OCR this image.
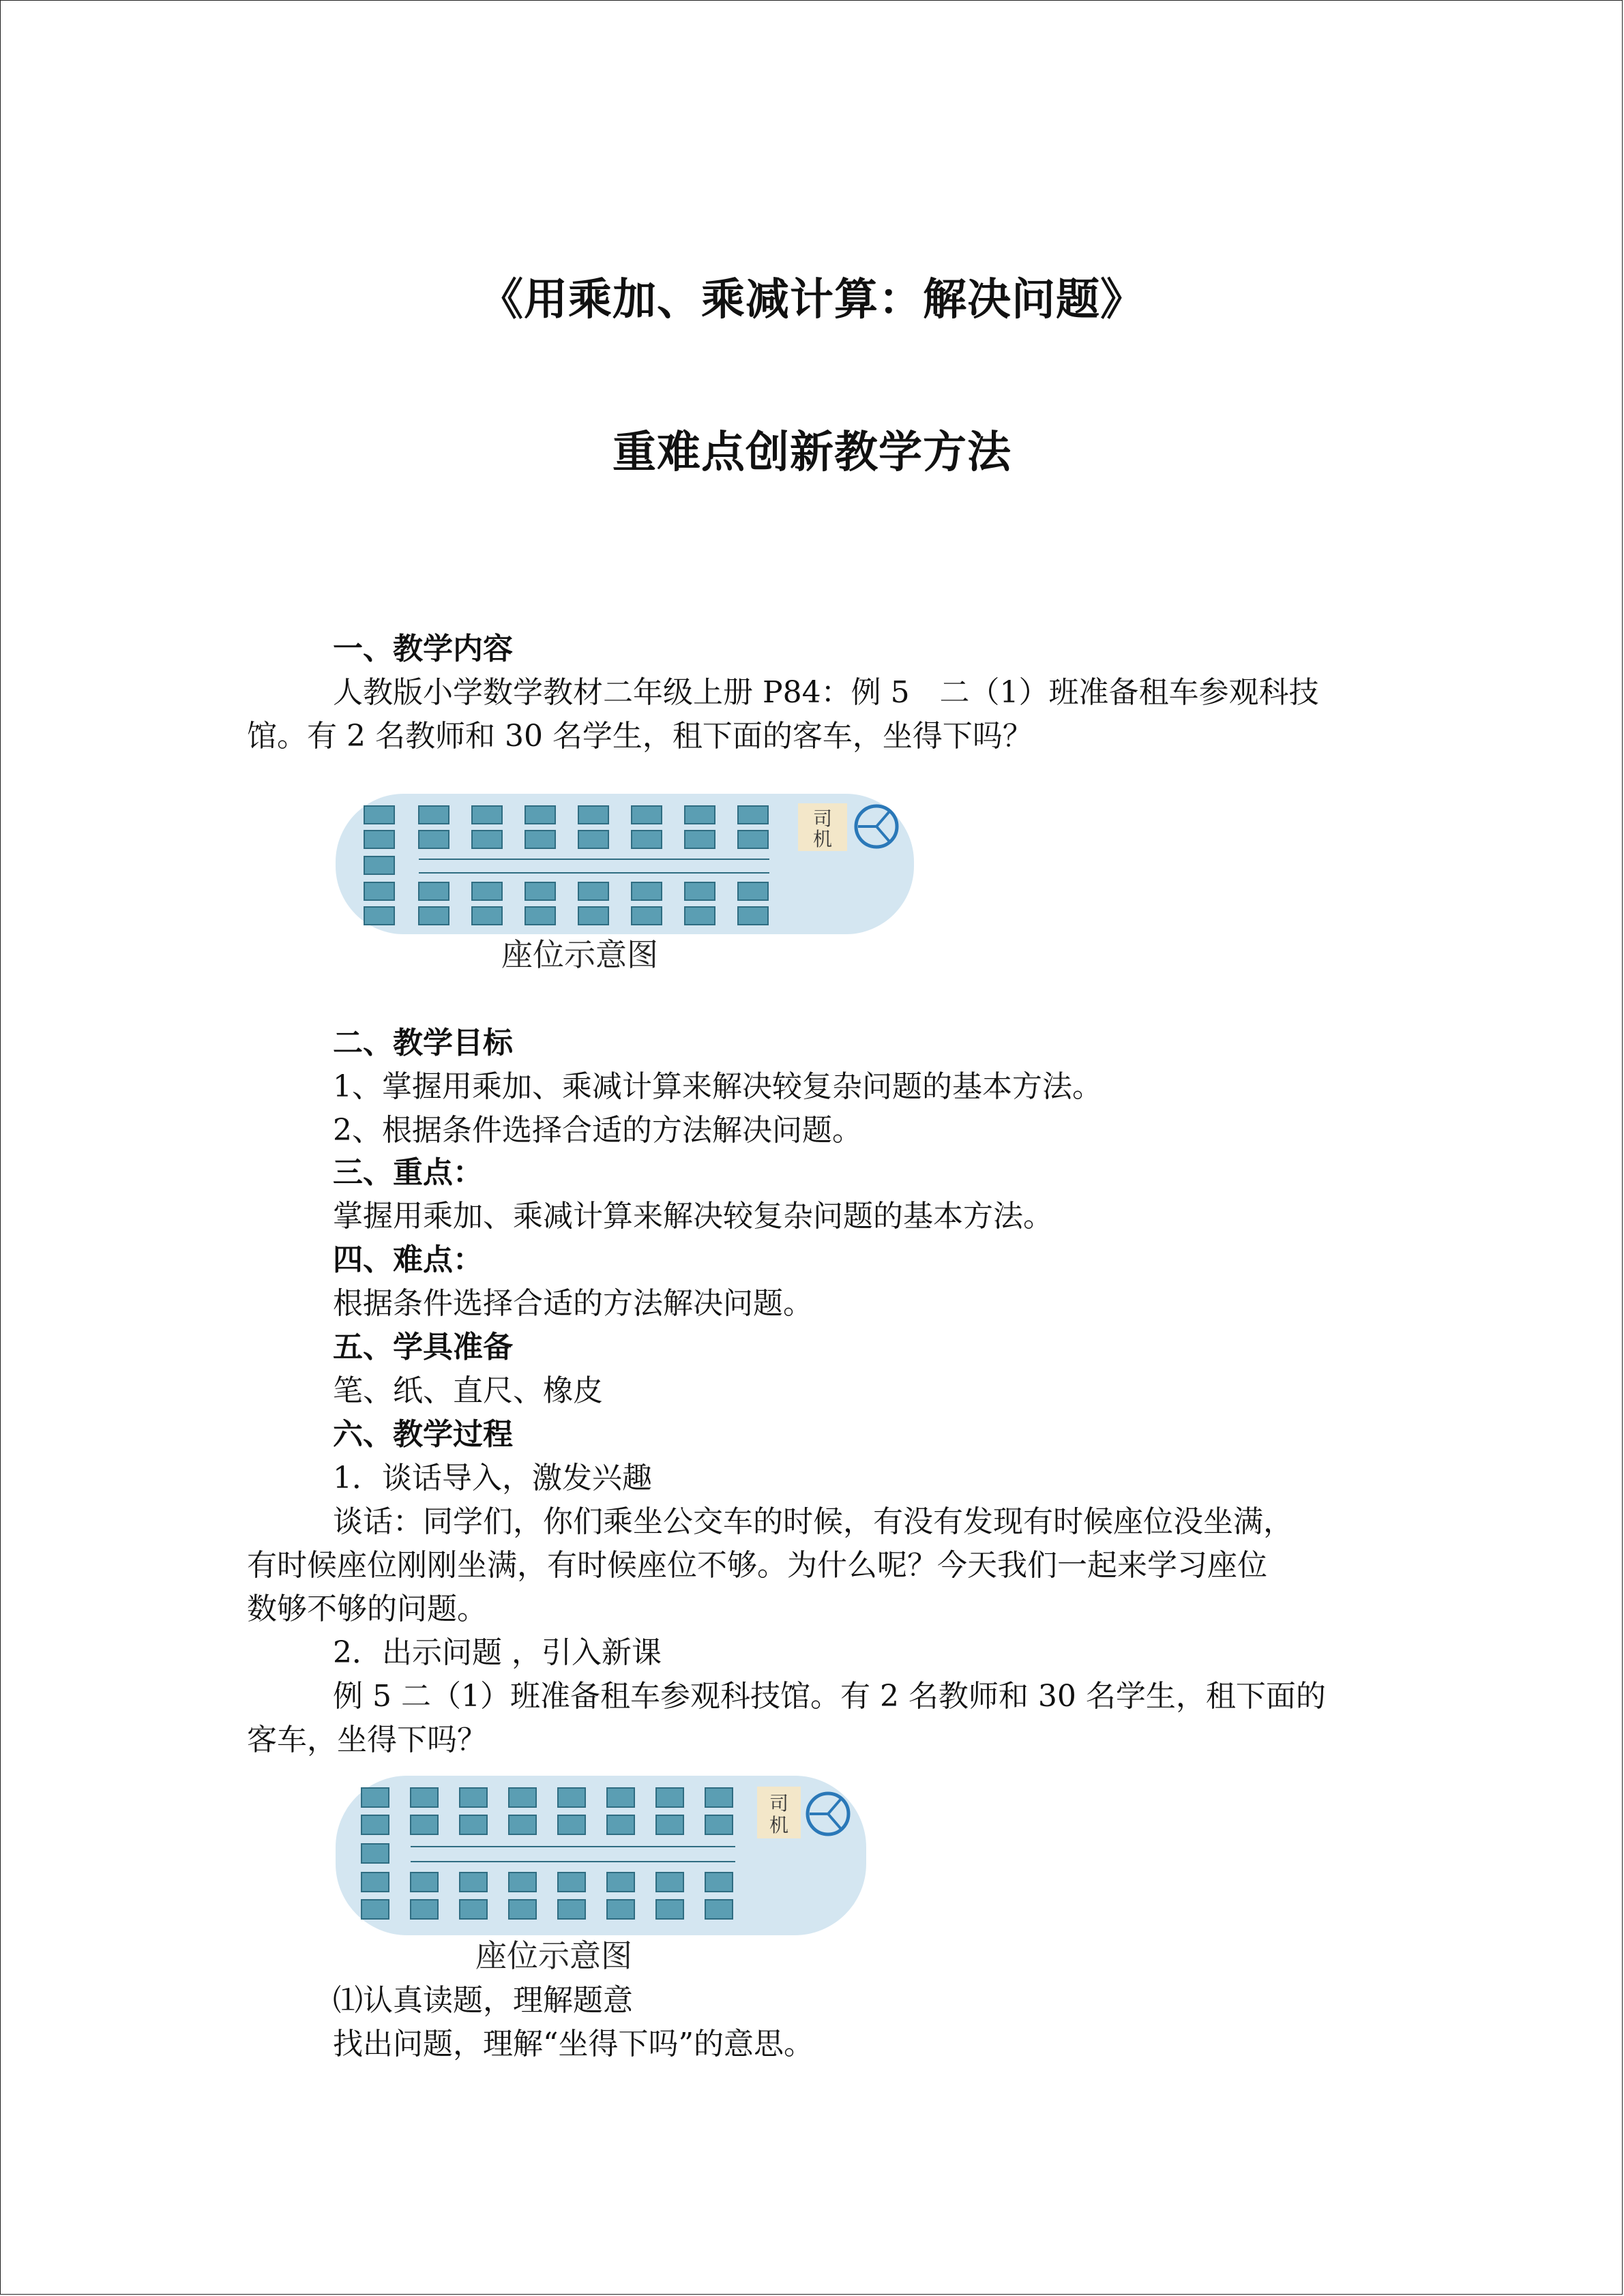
《用乘加、乘减计算：解决问题》
重难点创新教学方法
一、教学内容
人教版小学数学教材二年级上册 P84：例 5　二（1）班准备租车参观科技
馆。有 2 名教师和 30 名学生，租下面的客车，坐得下吗？
司
机
座位示意图
二、教学目标
1、掌握用乘加、乘减计算来解决较复杂问题的基本方法。
2、根据条件选择合适的方法解决问题。
三、重点：
掌握用乘加、乘减计算来解决较复杂问题的基本方法。
四、难点：
根据条件选择合适的方法解决问题。
五、学具准备
笔、纸、直尺、橡皮
六、教学过程
1．谈话导入，激发兴趣
谈话：同学们，你们乘坐公交车的时候，有没有发现有时候座位没坐满，
有时候座位刚刚坐满，有时候座位不够。为什么呢？今天我们一起来学习座位
数够不够的问题。
2．出示问题 ，引入新课
例 5 二（1）班准备租车参观科技馆。有 2 名教师和 30 名学生，租下面的
客车，坐得下吗？
司
机
座位示意图
⑴认真读题，理解题意
找出问题，理解“坐得下吗”的意思。
